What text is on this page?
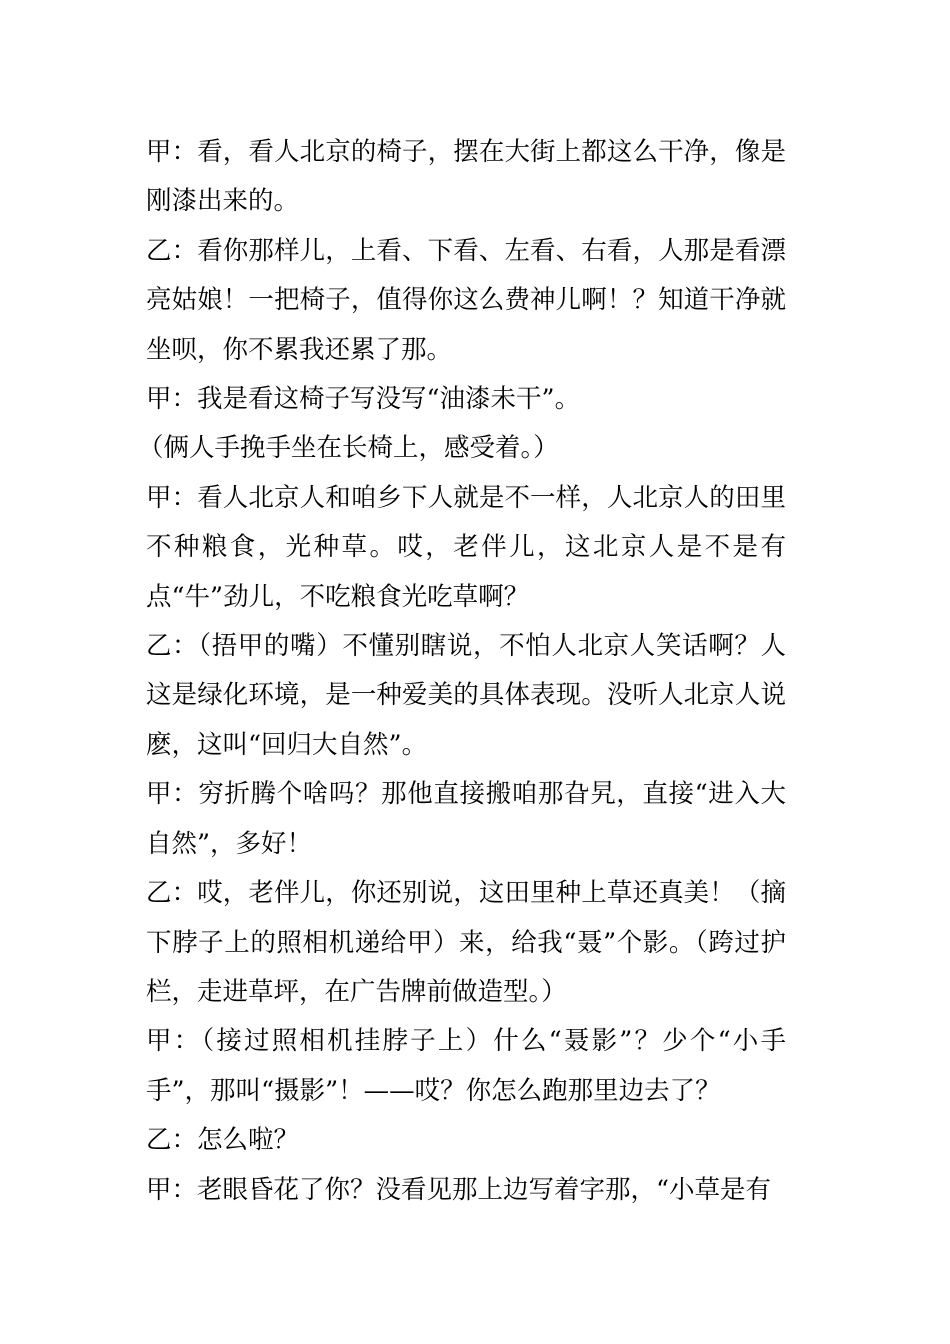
甲：看，看人北京的椅子，摆在大街上都这么干净，像是刚漆出来的。

乙：看你那样儿，上看、下看、左看、右看，人那是看漂亮姑娘！一把椅子，值得你这么费神儿啊！？知道干净就坐呗，你不累我还累了那。

甲：我是看这椅子写没写“油漆未干”。

（俩人手挽手坐在长椅上，感受着。）

甲：看人北京人和咱乡下人就是不一样，人北京人的田里不种粮食，光种草。哎，老伴儿，这北京人是不是有点“牛”劲儿，不吃粮食光吃草啊？

乙：（捂甲的嘴）不懂别瞎说，不怕人北京人笑话啊？人这是绿化环境，是一种爱美的具体表现。没听人北京人说麽，这叫“回归大自然”。

甲：穷折腾个啥吗？那他直接搬咱那旮旯，直接“进入大自然”，多好！

乙：哎，老伴儿，你还别说，这田里种上草还真美！（摘下脖子上的照相机递给甲）来，给我“聂”个影。（跨过护栏，走进草坪，在广告牌前做造型。）

甲：（接过照相机挂脖子上）什么“聂影”？少个“小手手”，那叫“摄影”！——哎？你怎么跑那里边去了？

乙：怎么啦？

甲：老眼昏花了你？没看见那上边写着字那，“小草是有
